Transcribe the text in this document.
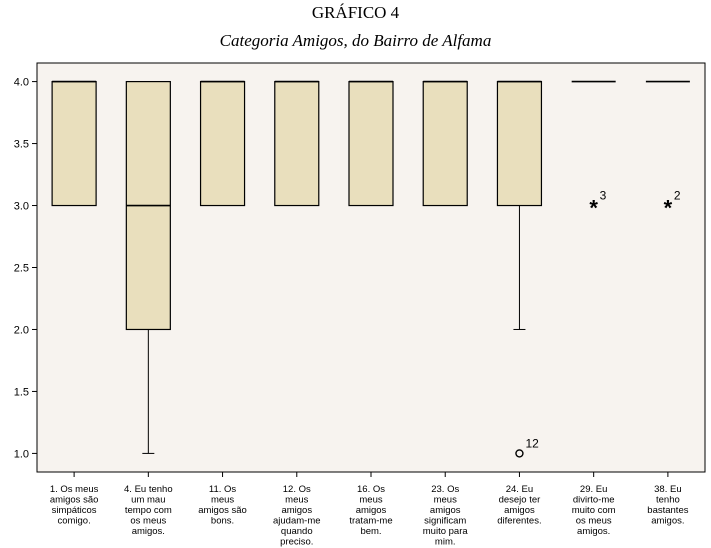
GRÁFICO 4
Categoria Amigos, do Bairro de Alfama
1.0
1.5
2.0
2.5
3.0
3.5
4.0
1. Os meus amigos são simpáticos comigo.
4. Eu tenho um mau tempo com os meus amigos.
11. Os meus amigos são bons.
12. Os meus amigos ajudam-me quando preciso.
16. Os meus amigos tratam-me bem.
23. Os meus amigos significam muito para mim.
12
24. Eu desejo ter amigos diferentes.
* 3
29. Eu divirto-me muito com os meus amigos.
* 2
38. Eu tenho bastantes amigos.
